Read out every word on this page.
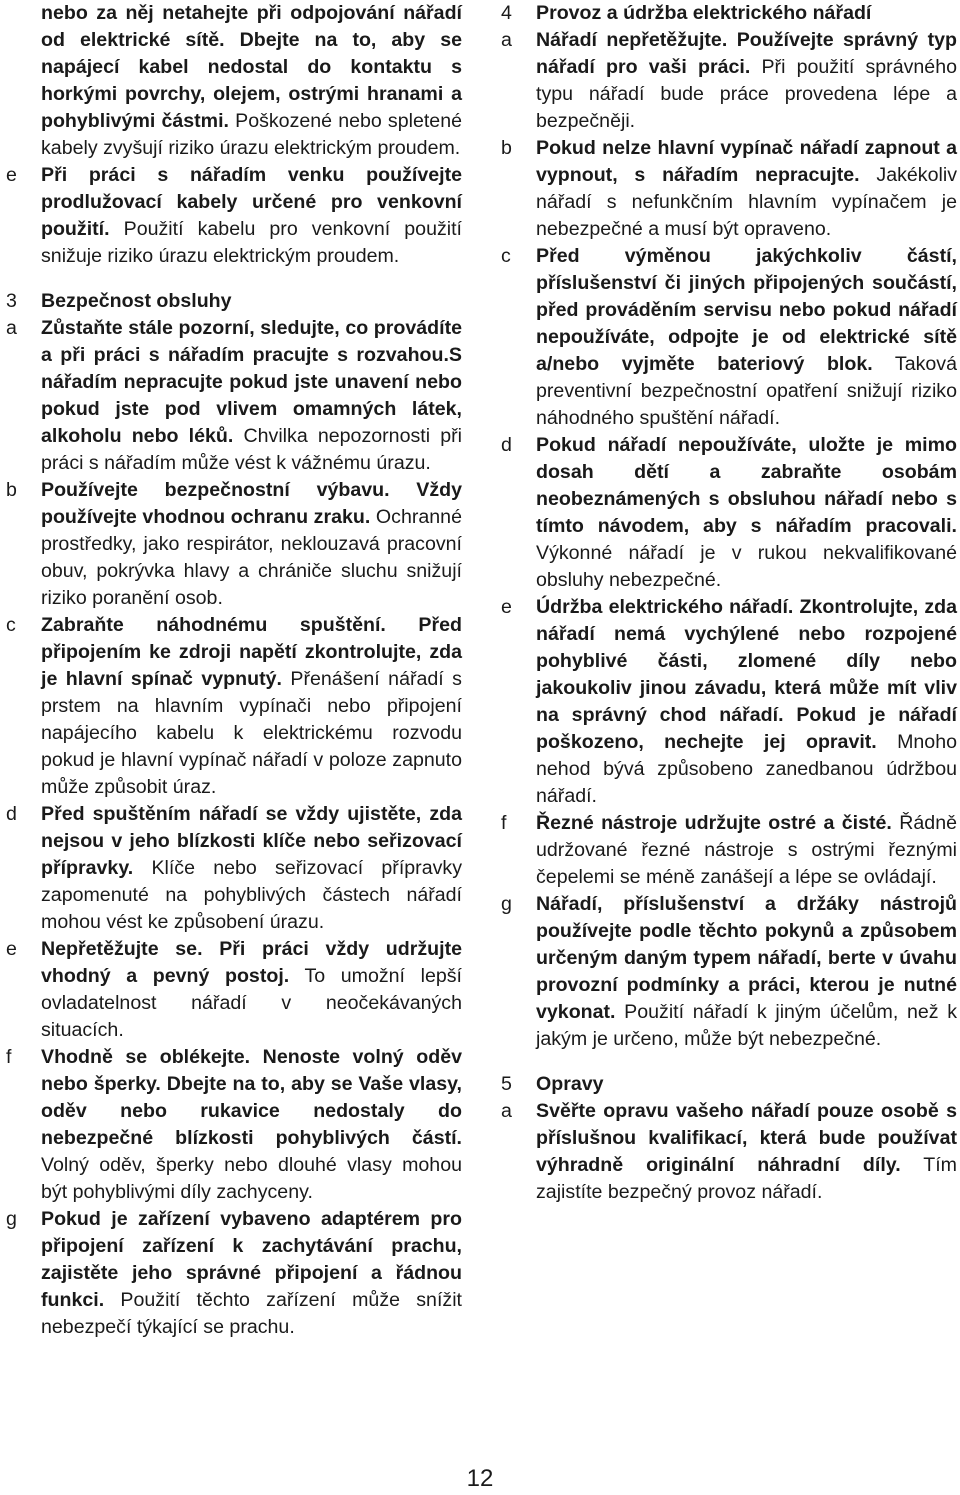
nebo za něj netahejte při odpojování nářadí od elektrické sítě. Dbejte na to, aby se napájecí kabel nedostal do kontaktu s horkými povrchy, olejem, ostrými hranami a pohyblivými částmi. Poškozené nebo spletené kabely zvyšují riziko úrazu elektrickým proudem.
e	Při práci s nářadím venku používejte prodlužovací kabely určené pro venkovní použití. Použití kabelu pro venkovní použití snižuje riziko úrazu elektrickým proudem.
3	Bezpečnost obsluhy
a	Zůstaňte stále pozorní, sledujte, co provádíte a při práci s nářadím pracujte s rozvahou.S nářadím nepracujte pokud jste unavení nebo pokud jste pod vlivem omamných látek, alkoholu nebo léků. Chvilka nepozornosti při práci s nářadím může vést k vážnému úrazu.
b	Používejte bezpečnostní výbavu. Vždy používejte vhodnou ochranu zraku. Ochranné prostředky, jako respirátor, neklouzavá pracovní obuv, pokrývka hlavy a chrániče sluchu snižují riziko poranění osob.
c	Zabraňte náhodnému spuštění. Před připojením ke zdroji napětí zkontrolujte, zda je hlavní spínač vypnutý. Přenášení nářadí s prstem na hlavním vypínači nebo připojení napájecího kabelu k elektrickému rozvodu pokud je hlavní vypínač nářadí v poloze zapnuto může způsobit úraz.
d	Před spuštěním nářadí se vždy ujistěte, zda nejsou v jeho blízkosti klíče nebo seřizovací přípravky. Klíče nebo seřizovací přípravky zapomenuté na pohyblivých částech nářadí mohou vést ke způsobení úrazu.
e	Nepřetěžujte se. Při práci vždy udržujte vhodný a pevný postoj. To umožní lepší ovladatelnost nářadí v neočekávaných situacích.
f	Vhodně se oblékejte. Nenoste volný oděv nebo šperky. Dbejte na to, aby se Vaše vlasy, oděv nebo rukavice nedostaly do nebezpečné blízkosti pohyblivých částí. Volný oděv, šperky nebo dlouhé vlasy mohou být pohyblivými díly zachyceny.
g	Pokud je zařízení vybaveno adaptérem pro připojení zařízení k zachytávání prachu, zajistěte jeho správné připojení a řádnou funkci. Použití těchto zařízení může snížit nebezpečí týkající se prachu.
4	Provoz a údržba elektrického nářadí
a	Nářadí nepřetěžujte. Používejte správný typ nářadí pro vaši práci. Při použití správného typu nářadí bude práce provedena lépe a bezpečněji.
b	Pokud nelze hlavní vypínač nářadí zapnout a vypnout, s nářadím nepracujte. Jakékoliv nářadí s nefunkčním hlavním vypínačem je nebezpečné a musí být opraveno.
c	Před výměnou jakýchkoliv částí, příslušenství či jiných připojených součástí, před prováděním servisu nebo pokud nářadí nepoužíváte, odpojte je od elektrické sítě a/nebo vyjměte bateriový blok. Taková preventivní bezpečnostní opatření snižují riziko náhodného spuštění nářadí.
d	Pokud nářadí nepoužíváte, uložte je mimo dosah dětí a zabraňte osobám neobeznámených s obsluhou nářadí nebo s tímto návodem, aby s nářadím pracovali. Výkonné nářadí je v rukou nekvalifikované obsluhy nebezpečné.
e	Údržba elektrického nářadí. Zkontrolujte, zda nářadí nemá vychýlené nebo rozpojené pohyblivé části, zlomené díly nebo jakoukoliv jinou závadu, která může mít vliv na správný chod nářadí. Pokud je nářadí poškozeno, nechejte jej opravit. Mnoho nehod bývá způsobeno zanedbanou údržbou nářadí.
f	Řezné nástroje udržujte ostré a čisté. Řádně udržované řezné nástroje s ostrými řeznými čepelemi se méně zanášejí a lépe se ovládají.
g	Nářadí, příslušenství a držáky nástrojů používejte podle těchto pokynů a způsobem určeným daným typem nářadí, berte v úvahu provozní podmínky a práci, kterou je nutné vykonat. Použití nářadí k jiným účelům, než k jakým je určeno, může být nebezpečné.
5	Opravy
a	Svěřte opravu vašeho nářadí pouze osobě s příslušnou kvalifikací, která bude používat výhradně originální náhradní díly. Tím zajistíte bezpečný provoz nářadí.
12
